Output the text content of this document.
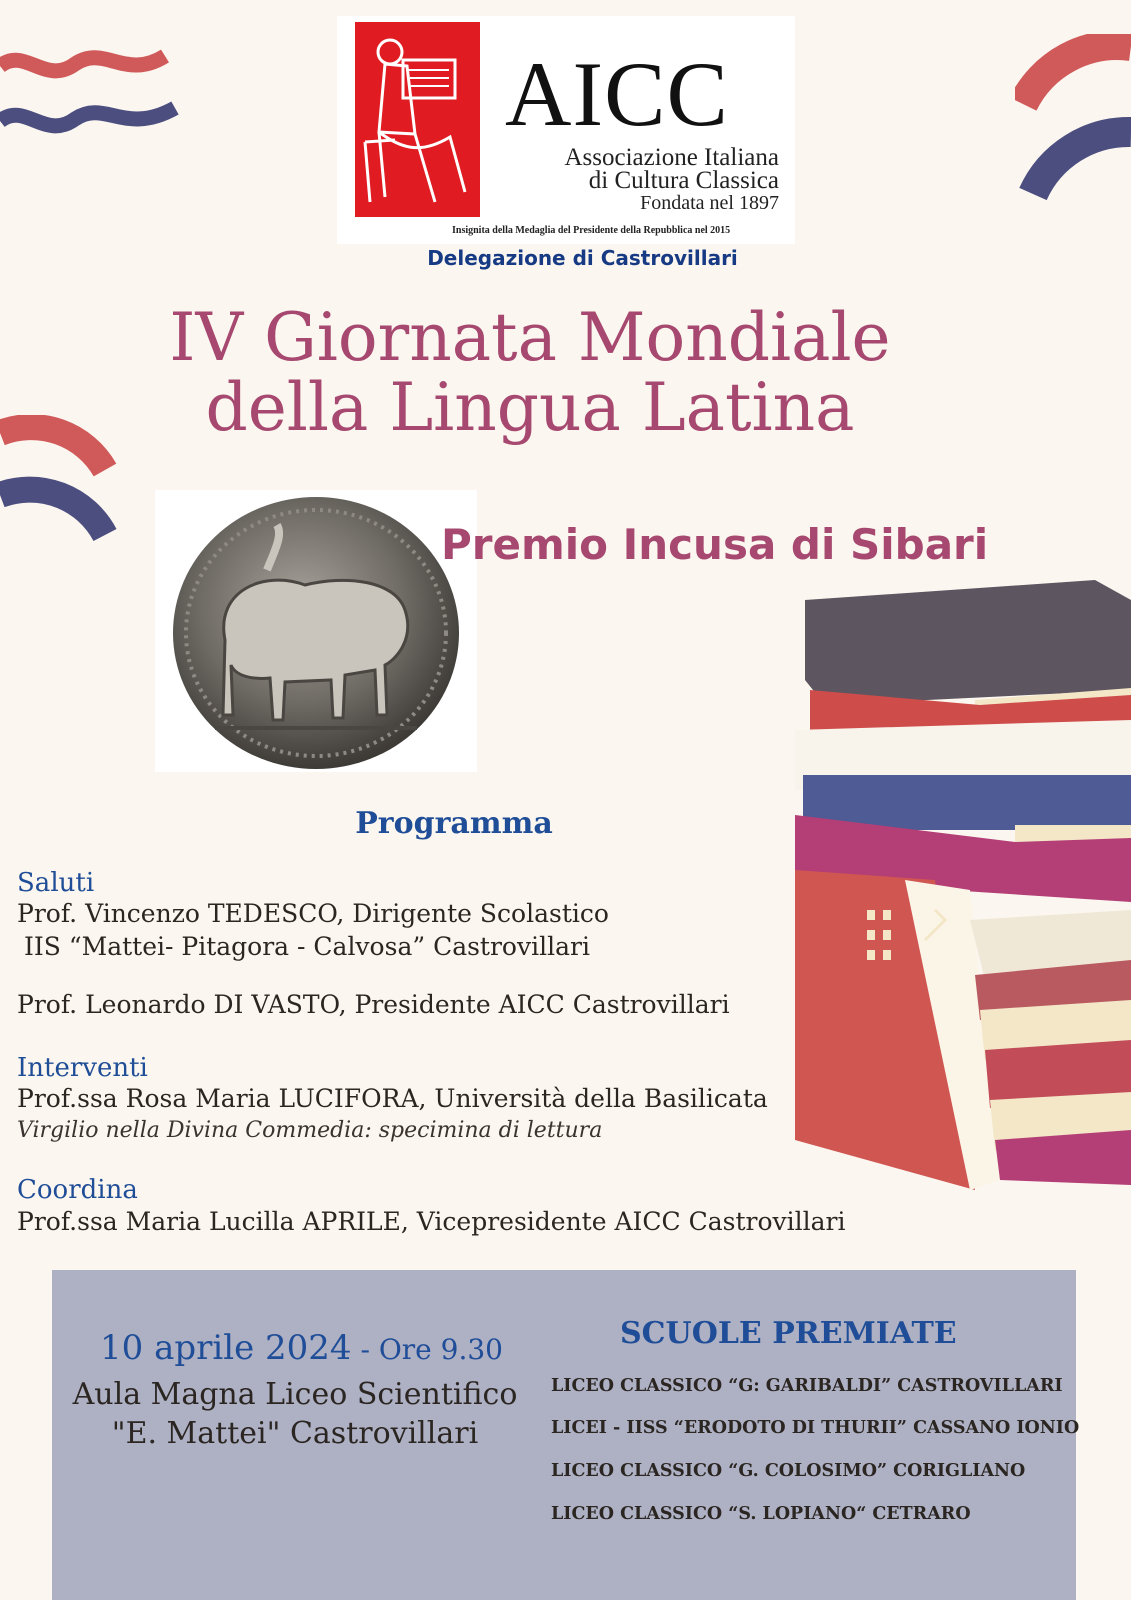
AICC
Associazione Italiana
di Cultura Classica
Fondata nel 1897
Insignita della Medaglia del Presidente della Repubblica nel 2015
Delegazione di Castrovillari
IV Giornata Mondiale
della Lingua Latina
Premio Incusa di Sibari
Programma
Saluti
Prof. Vincenzo TEDESCO, Dirigente Scolastico
IIS “Mattei- Pitagora - Calvosa” Castrovillari
Prof. Leonardo DI VASTO, Presidente AICC Castrovillari
Interventi
Prof.ssa Rosa Maria LUCIFORA, Università della Basilicata
Virgilio nella Divina Commedia: specimina di lettura
Coordina
Prof.ssa Maria Lucilla APRILE, Vicepresidente AICC Castrovillari
10 aprile 2024 - Ore 9.30
Aula Magna Liceo Scientifico
"E. Mattei" Castrovillari
SCUOLE PREMIATE
LICEO CLASSICO “G: GARIBALDI” CASTROVILLARI
LICEI - IISS “ERODOTO DI THURII” CASSANO IONIO
LICEO CLASSICO “G. COLOSIMO” CORIGLIANO
LICEO CLASSICO “S. LOPIANO“ CETRARO
